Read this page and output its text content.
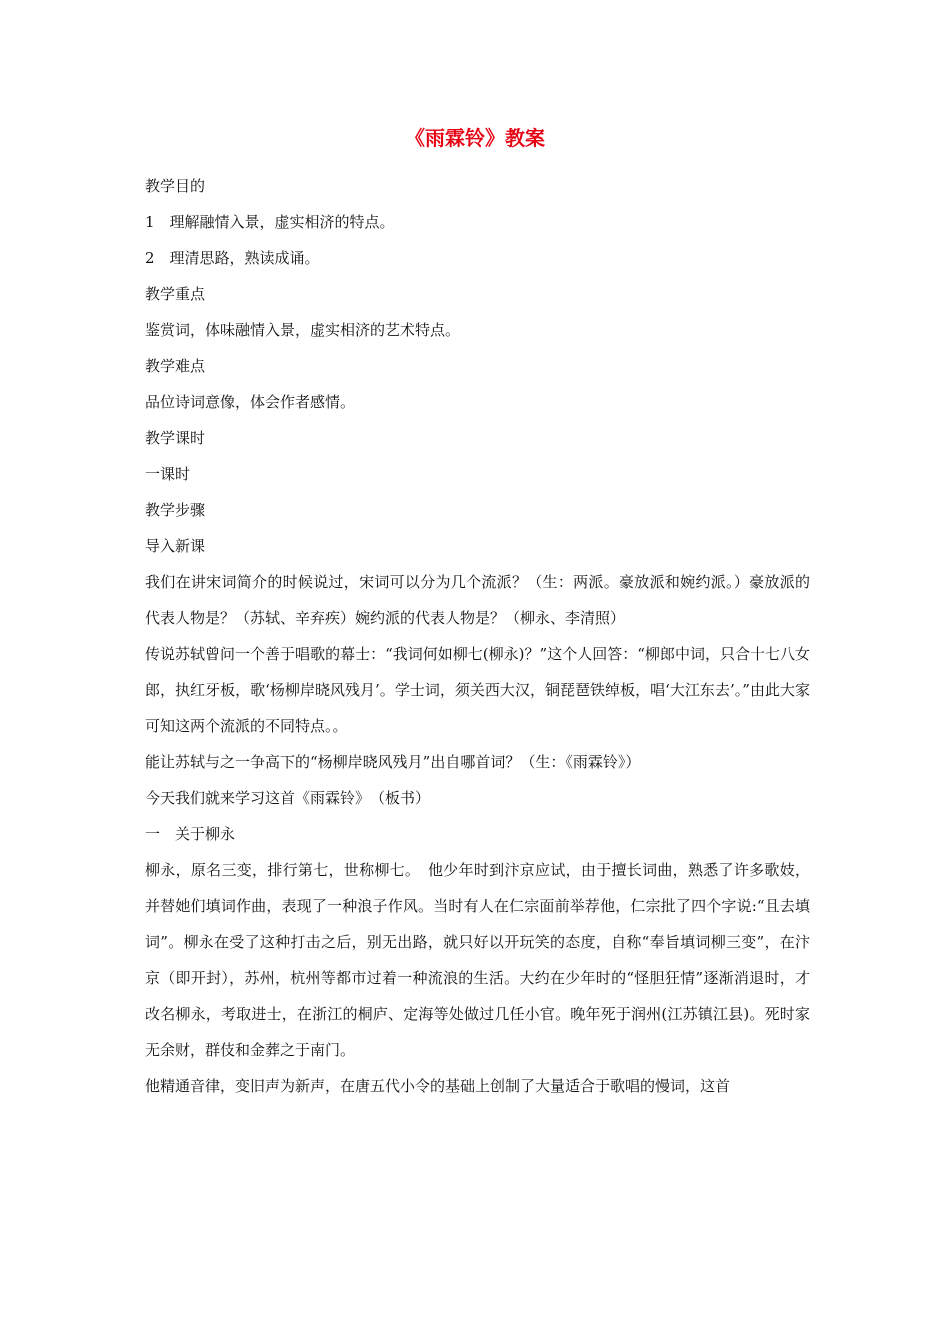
《雨霖铃》教案
教学目的
1　理解融情入景，虚实相济的特点。
2　理清思路，熟读成诵。
教学重点
鉴赏词，体味融情入景，虚实相济的艺术特点。
教学难点
品位诗词意像，体会作者感情。
教学课时
一课时
教学步骤
导入新课
我们在讲宋词简介的时候说过，宋词可以分为几个流派？（生：两派。豪放派和婉约派。）豪放派的代表人物是？（苏轼、辛弃疾）婉约派的代表人物是？（柳永、李清照）
传说苏轼曾问一个善于唱歌的幕士：“我词何如柳七(柳永)？”这个人回答：“柳郎中词，只合十七八女郎，执红牙板，歌‘杨柳岸晓风残月’。学士词，须关西大汉，铜琵琶铁绰板，唱‘大江东去’。”由此大家可知这两个流派的不同特点。。
能让苏轼与之一争高下的“杨柳岸晓风残月”出自哪首词？（生：《雨霖铃》）
今天我们就来学习这首《雨霖铃》　（板书）
一　关于柳永
柳永，原名三变，排行第七，世称柳七。　他少年时到汴京应试，由于擅长词曲，熟悉了许多歌妓，并替她们填词作曲，表现了一种浪子作风。当时有人在仁宗面前举荐他，仁宗批了四个字说:“且去填词”。柳永在受了这种打击之后，别无出路，就只好以开玩笑的态度，自称“奉旨填词柳三变”，在汴京（即开封），苏州，杭州等都市过着一种流浪的生活。大约在少年时的“怪胆狂情”逐渐消退时，才改名柳永，考取进士，在浙江的桐庐、定海等处做过几任小官。晚年死于润州(江苏镇江县)。死时家无余财，群伎和金葬之于南门。
他精通音律，变旧声为新声，在唐五代小令的基础上创制了大量适合于歌唱的慢词，这首
